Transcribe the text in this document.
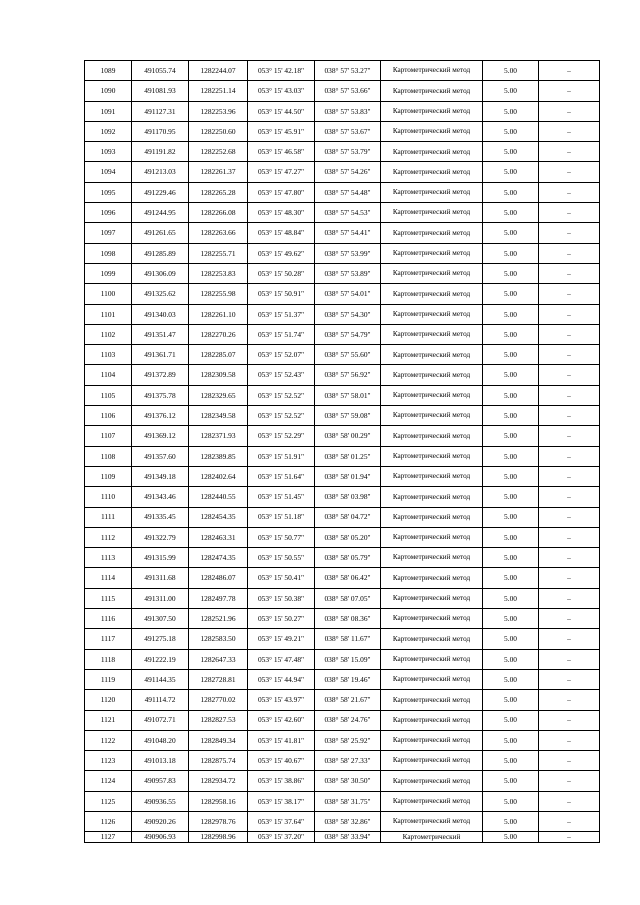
1089	491055.74	1282244.07	053° 15' 42.18"	038° 57' 53.27"	Картометрический метод	5.00	–
1090	491081.93	1282251.14	053° 15' 43.03"	038° 57' 53.66"	Картометрический метод	5.00	–
1091	491127.31	1282253.96	053° 15' 44.50"	038° 57' 53.83"	Картометрический метод	5.00	–
1092	491170.95	1282250.60	053° 15' 45.91"	038° 57' 53.67"	Картометрический метод	5.00	–
1093	491191.82	1282252.68	053° 15' 46.58"	038° 57' 53.79"	Картометрический метод	5.00	–
1094	491213.03	1282261.37	053° 15' 47.27"	038° 57' 54.26"	Картометрический метод	5.00	–
1095	491229.46	1282265.28	053° 15' 47.80"	038° 57' 54.48"	Картометрический метод	5.00	–
1096	491244.95	1282266.08	053° 15' 48.30"	038° 57' 54.53"	Картометрический метод	5.00	–
1097	491261.65	1282263.66	053° 15' 48.84"	038° 57' 54.41"	Картометрический метод	5.00	–
1098	491285.89	1282255.71	053° 15' 49.62"	038° 57' 53.99"	Картометрический метод	5.00	–
1099	491306.09	1282253.83	053° 15' 50.28"	038° 57' 53.89"	Картометрический метод	5.00	–
1100	491325.62	1282255.98	053° 15' 50.91"	038° 57' 54.01"	Картометрический метод	5.00	–
1101	491340.03	1282261.10	053° 15' 51.37"	038° 57' 54.30"	Картометрический метод	5.00	–
1102	491351.47	1282270.26	053° 15' 51.74"	038° 57' 54.79"	Картометрический метод	5.00	–
1103	491361.71	1282285.07	053° 15' 52.07"	038° 57' 55.60"	Картометрический метод	5.00	–
1104	491372.89	1282309.58	053° 15' 52.43"	038° 57' 56.92"	Картометрический метод	5.00	–
1105	491375.78	1282329.65	053° 15' 52.52"	038° 57' 58.01"	Картометрический метод	5.00	–
1106	491376.12	1282349.58	053° 15' 52.52"	038° 57' 59.08"	Картометрический метод	5.00	–
1107	491369.12	1282371.93	053° 15' 52.29"	038° 58' 00.29"	Картометрический метод	5.00	–
1108	491357.60	1282389.85	053° 15' 51.91"	038° 58' 01.25"	Картометрический метод	5.00	–
1109	491349.18	1282402.64	053° 15' 51.64"	038° 58' 01.94"	Картометрический метод	5.00	–
1110	491343.46	1282440.55	053° 15' 51.45"	038° 58' 03.98"	Картометрический метод	5.00	–
1111	491335.45	1282454.35	053° 15' 51.18"	038° 58' 04.72"	Картометрический метод	5.00	–
1112	491322.79	1282463.31	053° 15' 50.77"	038° 58' 05.20"	Картометрический метод	5.00	–
1113	491315.99	1282474.35	053° 15' 50.55"	038° 58' 05.79"	Картометрический метод	5.00	–
1114	491311.68	1282486.07	053° 15' 50.41"	038° 58' 06.42"	Картометрический метод	5.00	–
1115	491311.00	1282497.78	053° 15' 50.38"	038° 58' 07.05"	Картометрический метод	5.00	–
1116	491307.50	1282521.96	053° 15' 50.27"	038° 58' 08.36"	Картометрический метод	5.00	–
1117	491275.18	1282583.50	053° 15' 49.21"	038° 58' 11.67"	Картометрический метод	5.00	–
1118	491222.19	1282647.33	053° 15' 47.48"	038° 58' 15.09"	Картометрический метод	5.00	–
1119	491144.35	1282728.81	053° 15' 44.94"	038° 58' 19.46"	Картометрический метод	5.00	–
1120	491114.72	1282770.02	053° 15' 43.97"	038° 58' 21.67"	Картометрический метод	5.00	–
1121	491072.71	1282827.53	053° 15' 42.60"	038° 58' 24.76"	Картометрический метод	5.00	–
1122	491048.20	1282849.34	053° 15' 41.81"	038° 58' 25.92"	Картометрический метод	5.00	–
1123	491013.18	1282875.74	053° 15' 40.67"	038° 58' 27.33"	Картометрический метод	5.00	–
1124	490957.83	1282934.72	053° 15' 38.86"	038° 58' 30.50"	Картометрический метод	5.00	–
1125	490936.55	1282958.16	053° 15' 38.17"	038° 58' 31.75"	Картометрический метод	5.00	–
1126	490920.26	1282978.76	053° 15' 37.64"	038° 58' 32.86"	Картометрический метод	5.00	–
1127	490906.93	1282998.96	053° 15' 37.20"	038° 58' 33.94"	Картометрический	5.00	–
